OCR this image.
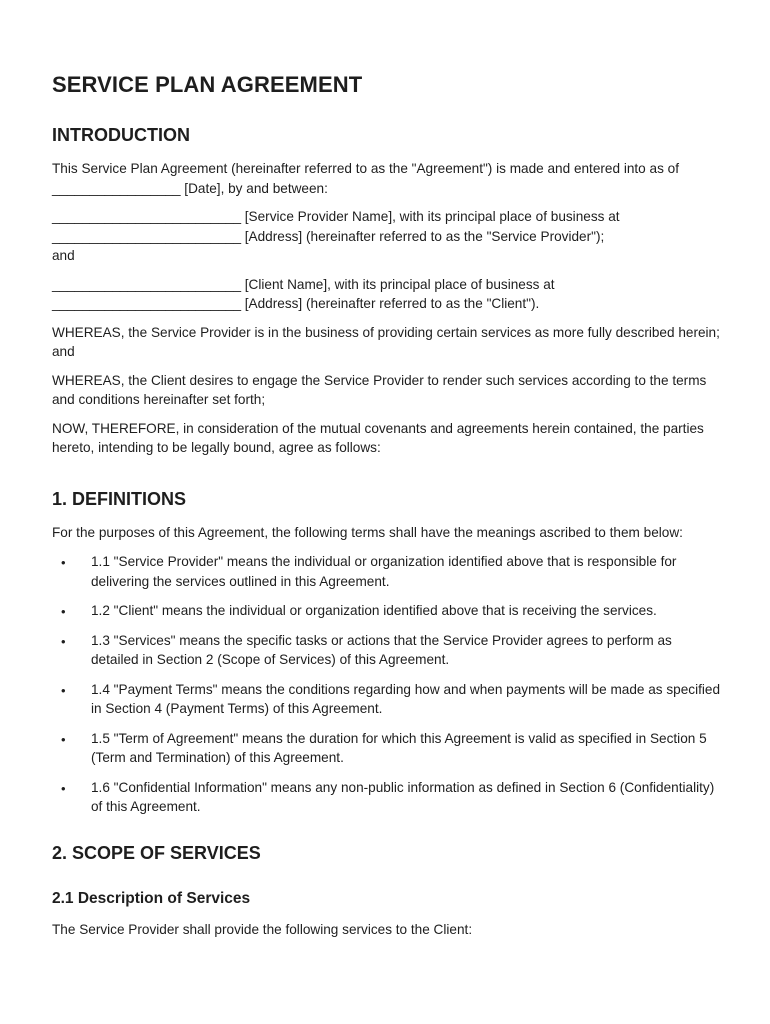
SERVICE PLAN AGREEMENT
INTRODUCTION

This Service Plan Agreement (hereinafter referred to as the "Agreement") is made and entered into as of _________________ [Date], by and between:

_________________________ [Service Provider Name], with its principal place of business at
_________________________ [Address] (hereinafter referred to as the "Service Provider");
and

_________________________ [Client Name], with its principal place of business at
_________________________ [Address] (hereinafter referred to as the "Client").

WHEREAS, the Service Provider is in the business of providing certain services as more fully described herein; and

WHEREAS, the Client desires to engage the Service Provider to render such services according to the terms and conditions hereinafter set forth;

NOW, THEREFORE, in consideration of the mutual covenants and agreements herein contained, the parties hereto, intending to be legally bound, agree as follows:

1. DEFINITIONS

For the purposes of this Agreement, the following terms shall have the meanings ascribed to them below:

• 1.1 "Service Provider" means the individual or organization identified above that is responsible for delivering the services outlined in this Agreement.
• 1.2 "Client" means the individual or organization identified above that is receiving the services.
• 1.3 "Services" means the specific tasks or actions that the Service Provider agrees to perform as detailed in Section 2 (Scope of Services) of this Agreement.
• 1.4 "Payment Terms" means the conditions regarding how and when payments will be made as specified in Section 4 (Payment Terms) of this Agreement.
• 1.5 "Term of Agreement" means the duration for which this Agreement is valid as specified in Section 5 (Term and Termination) of this Agreement.
• 1.6 "Confidential Information" means any non-public information as defined in Section 6 (Confidentiality) of this Agreement.
2. SCOPE OF SERVICES
2.1 Description of Services

The Service Provider shall provide the following services to the Client:
